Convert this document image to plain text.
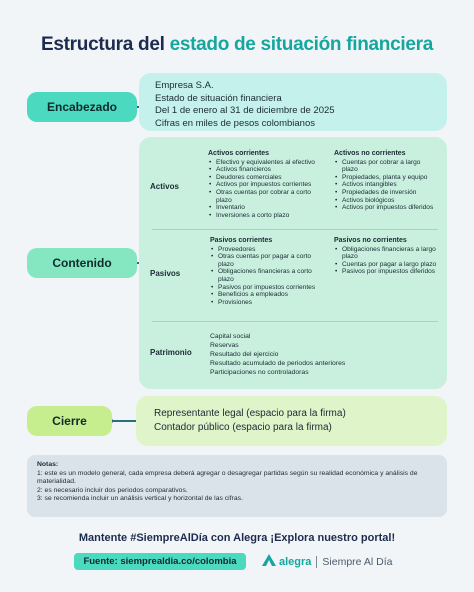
Estructura del estado de situación financiera
Encabezado
Empresa S.A.
Estado de situación financiera
Del 1 de enero al 31 de diciembre de 2025
Cifras en miles de pesos colombianos
Contenido
Activos
Activos corrientes
• Efectivo y equivalentes al efectivo
• Activos financieros
• Deudores comerciales
• Activos por impuestos corrientes
• Otras cuentas por cobrar a corto plazo
• Inventario
• Inversiones a corto plazo
Activos no corrientes
• Cuentas por cobrar a largo plazo
• Propiedades, planta y equipo
• Activos intangibles
• Propiedades de inversión
• Activos biológicos
• Activos por impuestos diferidos
Pasivos
Pasivos corrientes
• Proveedores
• Otras cuentas por pagar a corto plazo
• Obligaciones financieras a corto plazo
• Pasivos por impuestos corrientes
• Beneficios a empleados
• Provisiones
Pasivos no corrientes
• Obligaciones financieras a largo plazo
• Cuentas por pagar a largo plazo
• Pasivos por impuestos diferidos
Patrimonio
Capital social
Reservas
Resultado del ejercicio
Resultado acumulado de periodos anteriores
Participaciones no controladoras
Cierre
Representante legal (espacio para la firma)
Contador público (espacio para la firma)
Notas:
1: este es un modelo general, cada empresa deberá agregar o desagregar partidas según su realidad económica y análisis de materialidad.
2: es necesario incluir dos periodos comparativos.
3: se recomienda incluir un análisis vertical y horizontal de las cifras.
Mantente #SiempreAlDía con Alegra ¡Explora nuestro portal!
Fuente: siemprealdia.co/colombia	alegra Siempre Al Día
